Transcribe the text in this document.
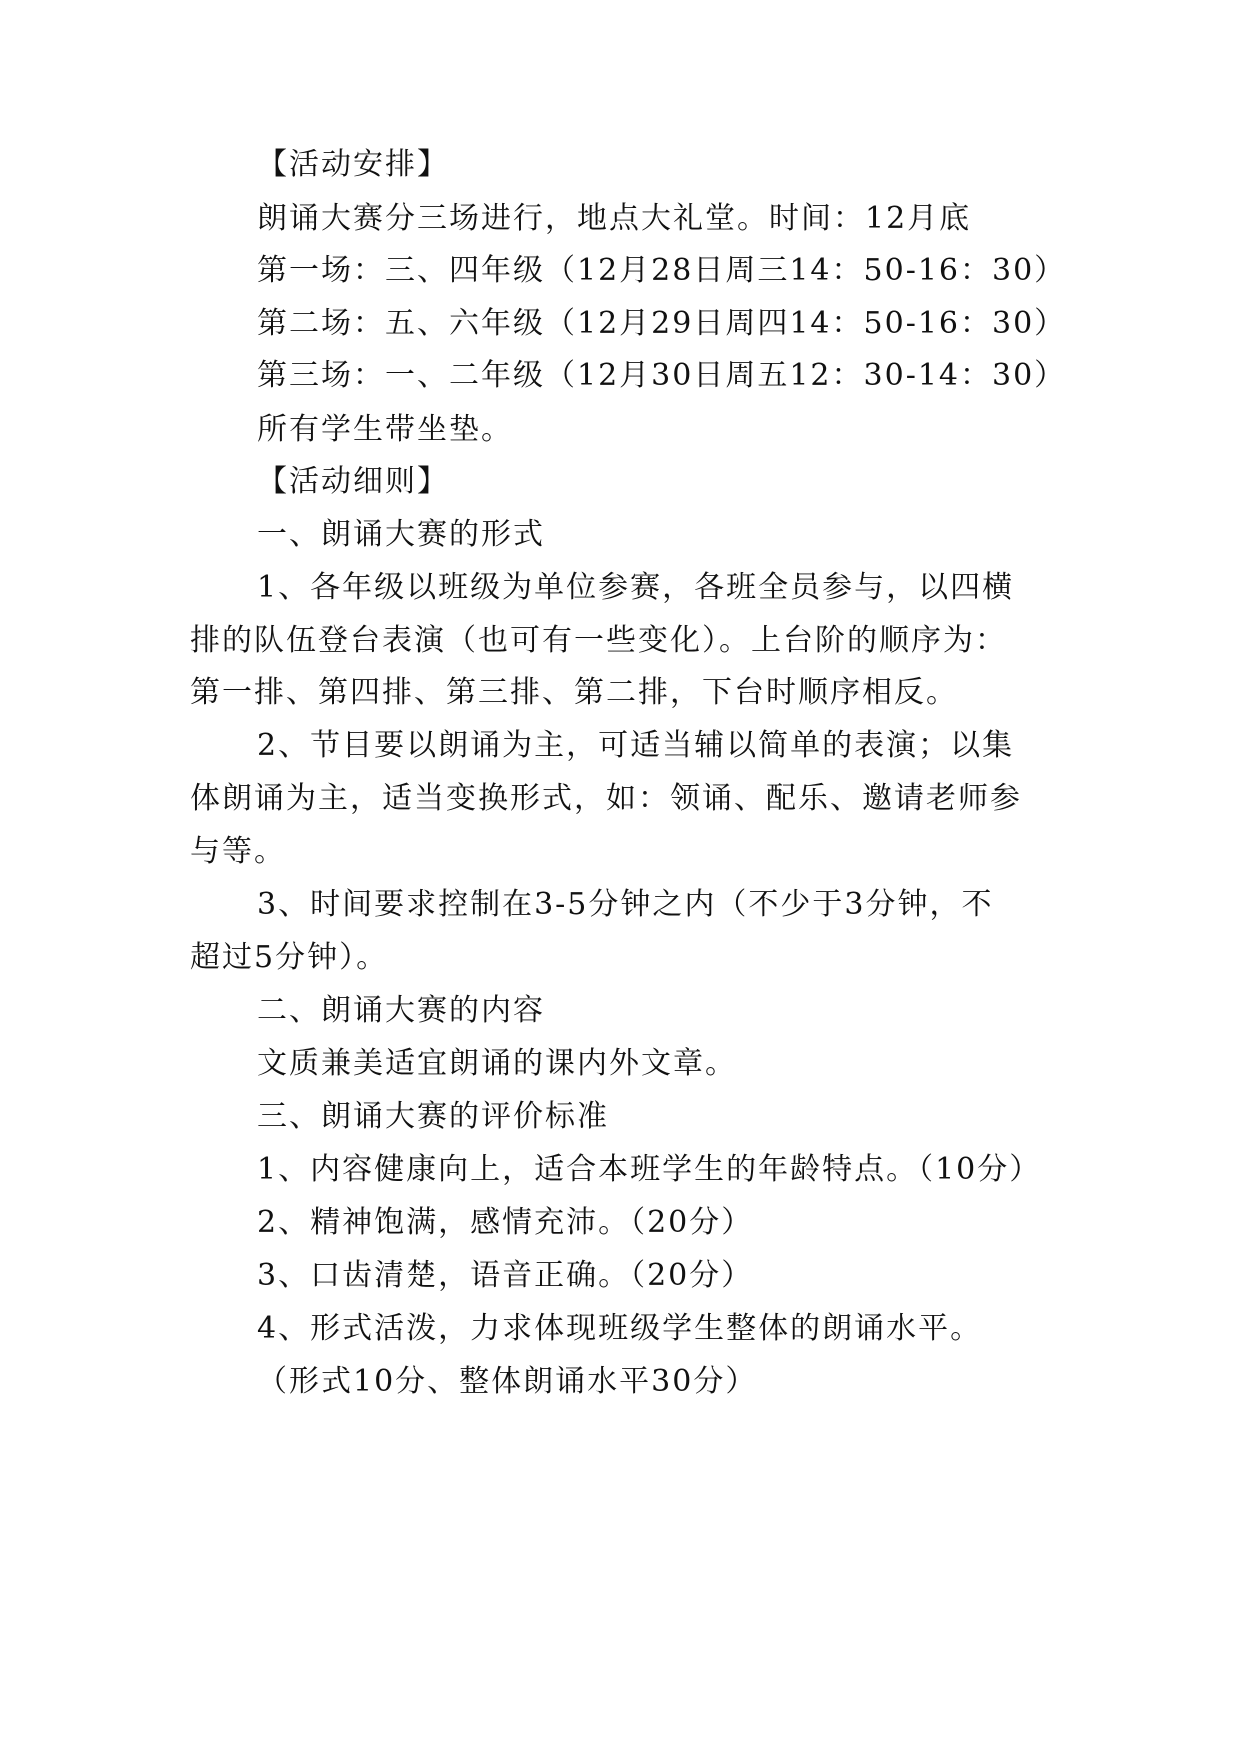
【活动安排】
朗诵大赛分三场进行，地点大礼堂。时间：12月底
第一场：三、四年级（12月28日周三14：50-16：30）
第二场：五、六年级（12月29日周四14：50-16：30）
第三场：一、二年级（12月30日周五12：30-14：30）
所有学生带坐垫。
【活动细则】
一、朗诵大赛的形式
1、各年级以班级为单位参赛，各班全员参与，以四横
排的队伍登台表演（也可有一些变化）。上台阶的顺序为：
第一排、第四排、第三排、第二排，下台时顺序相反。
2、节目要以朗诵为主，可适当辅以简单的表演；以集
体朗诵为主，适当变换形式，如：领诵、配乐、邀请老师参
与等。
3、时间要求控制在3-5分钟之内（不少于3分钟，不
超过5分钟）。
二、朗诵大赛的内容
文质兼美适宜朗诵的课内外文章。
三、朗诵大赛的评价标准
1、内容健康向上，适合本班学生的年龄特点。（10分）
2、精神饱满，感情充沛。（20分）
3、口齿清楚，语音正确。（20分）
4、形式活泼，力求体现班级学生整体的朗诵水平。
（形式10分、整体朗诵水平30分）
